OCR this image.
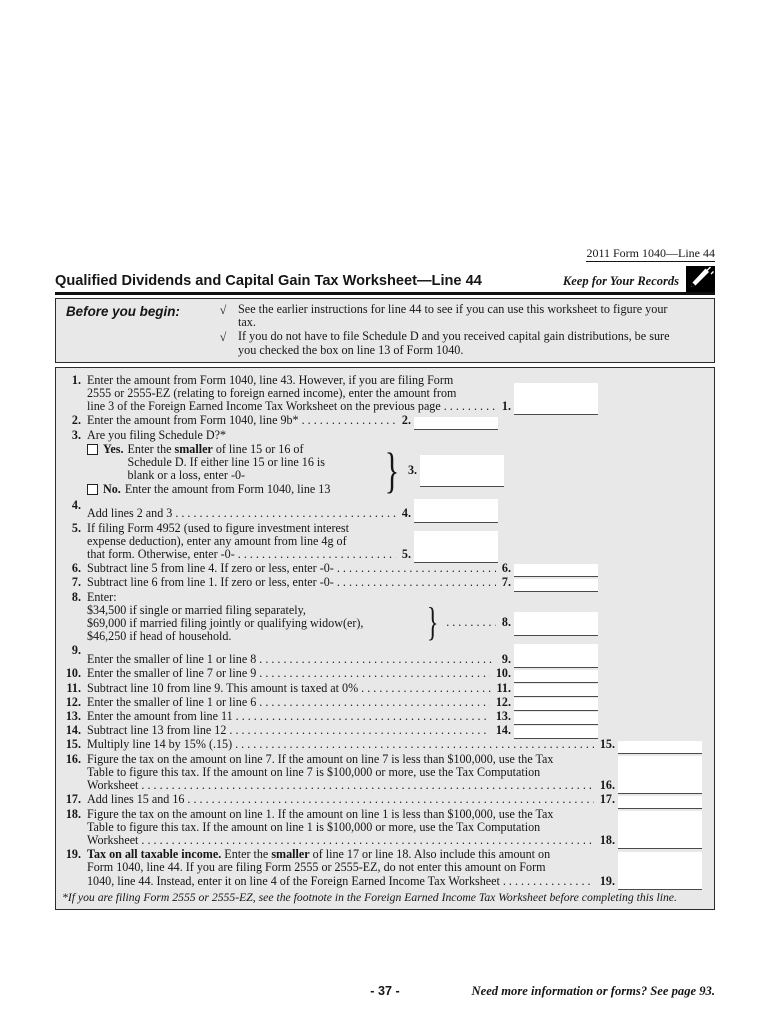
2011 Form 1040—Line 44
Qualified Dividends and Capital Gain Tax Worksheet—Line 44	Keep for Your Records
Before you begin:	√ See the earlier instructions for line 44 to see if you can use this worksheet to figure your
tax.
√ If you do not have to file Schedule D and you received capital gain distributions, be sure
you checked the box on line 13 of Form 1040.
1. Enter the amount from Form 1040, line 43. However, if you are filing Form
2555 or 2555-EZ (relating to foreign earned income), enter the amount from
line 3 of the Foreign Earned Income Tax Worksheet on the previous page . . .	1.
2. Enter the amount from Form 1040, line 9b* . . .	2.
3. Are you filing Schedule D?*
Yes. Enter the smaller of line 15 or 16 of
Schedule D. If either line 15 or line 16 is
blank or a loss, enter -0-
No. Enter the amount from Form 1040, line 13 } 3.
4.
Add lines 2 and 3 . . .	4.
5. If filing Form 4952 (used to figure investment interest
expense deduction), enter any amount from line 4g of
that form. Otherwise, enter -0- . . .	5.
6. Subtract line 5 from line 4. If zero or less, enter -0- . . .	6.
7. Subtract line 6 from line 1. If zero or less, enter -0- . . .	7.
8. Enter:
$34,500 if single or married filing separately,
$69,000 if married filing jointly or qualifying widow(er),
$46,250 if head of household.	} . . .	8.
9.
Enter the smaller of line 1 or line 8 . . .	9.
10. Enter the smaller of line 7 or line 9 . . .	10.
11. Subtract line 10 from line 9. This amount is taxed at 0% . . .	11.
12. Enter the smaller of line 1 or line 6 . . .	12.
13. Enter the amount from line 11 . . .	13.
14. Subtract line 13 from line 12 . . .	14.
15. Multiply line 14 by 15% (.15) . . .	15.
16. Figure the tax on the amount on line 7. If the amount on line 7 is less than $100,000, use the Tax
Table to figure this tax. If the amount on line 7 is $100,000 or more, use the Tax Computation
Worksheet . . .	16.
17. Add lines 15 and 16 . . .	17.
18. Figure the tax on the amount on line 1. If the amount on line 1 is less than $100,000, use the Tax
Table to figure this tax. If the amount on line 1 is $100,000 or more, use the Tax Computation
Worksheet . . .	18.
19. Tax on all taxable income. Enter the smaller of line 17 or line 18. Also include this amount on
Form 1040, line 44. If you are filing Form 2555 or 2555-EZ, do not enter this amount on Form
1040, line 44. Instead, enter it on line 4 of the Foreign Earned Income Tax Worksheet . . .	19.
*If you are filing Form 2555 or 2555-EZ, see the footnote in the Foreign Earned Income Tax Worksheet before completing this line.
- 37 -	Need more information or forms? See page 93.
